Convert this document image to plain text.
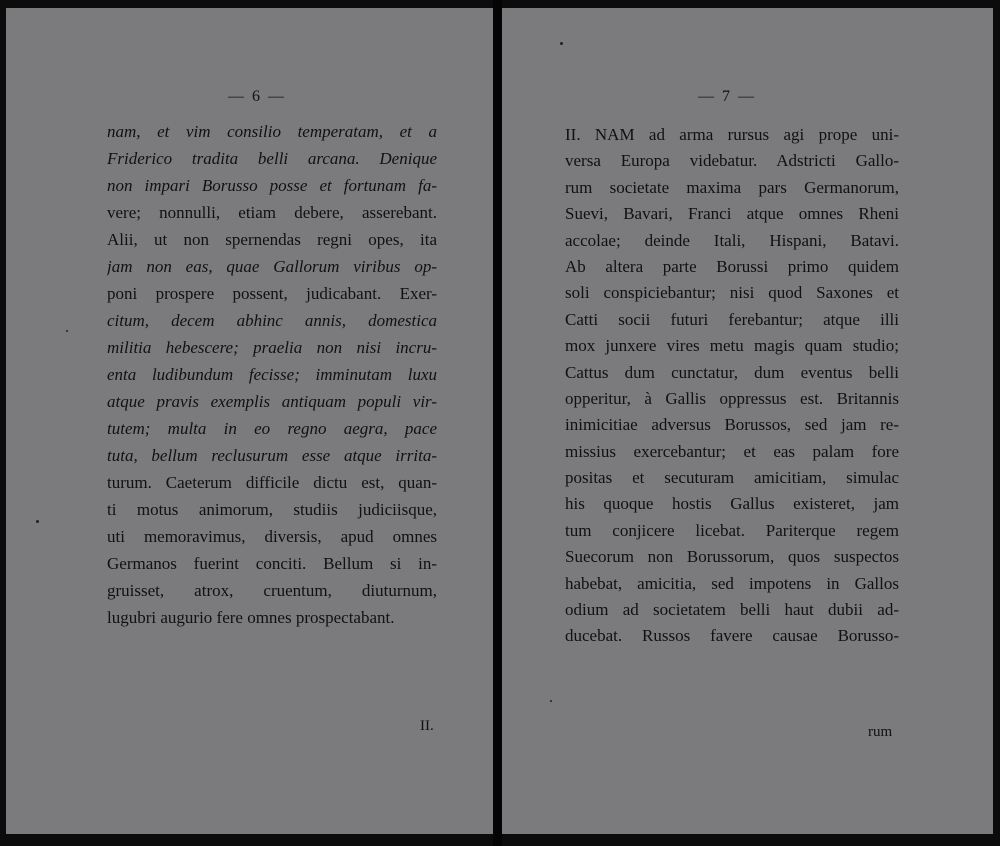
— 6 —
nam, et vim consilio temperatam, et a
Friderico tradita belli arcana. Denique
non impari Borusso posse et fortunam fa-
vere; nonnulli, etiam debere, asserebant.
Alii, ut non spernendas regni opes, ita
jam non eas, quae Gallorum viribus op-
poni prospere possent, judicabant. Exer-
citum, decem abhinc annis, domestica
militia hebescere; praelia non nisi incru-
enta ludibundum fecisse; imminutam luxu
atque pravis exemplis antiquam populi vir-
tutem; multa in eo regno aegra, pace
tuta, bellum reclusurum esse atque irrita-
turum. Caeterum difficile dictu est, quan-
ti motus animorum, studiis judiciisque,
uti memoravimus, diversis, apud omnes
Germanos fuerint conciti. Bellum si in-
gruisset, atrox, cruentum, diuturnum,
lugubri augurio fere omnes prospectabant.
II.
— 7 —
II. NAM ad arma rursus agi prope uni-
versa Europa videbatur. Adstricti Gallo-
rum societate maxima pars Germanorum,
Suevi, Bavari, Franci atque omnes Rheni
accolae; deinde Itali, Hispani, Batavi.
Ab altera parte Borussi primo quidem
soli conspiciebantur; nisi quod Saxones et
Catti socii futuri ferebantur; atque illi
mox junxere vires metu magis quam studio;
Cattus dum cunctatur, dum eventus belli
opperitur, à Gallis oppressus est. Britannis
inimicitiae adversus Borussos, sed jam re-
missius exercebantur; et eas palam fore
positas et secuturam amicitiam, simulac
his quoque hostis Gallus existeret, jam
tum conjicere licebat. Pariterque regem
Suecorum non Borussorum, quos suspectos
habebat, amicitia, sed impotens in Gallos
odium ad societatem belli haut dubii ad-
ducebat. Russos favere causae Borusso-
rum
